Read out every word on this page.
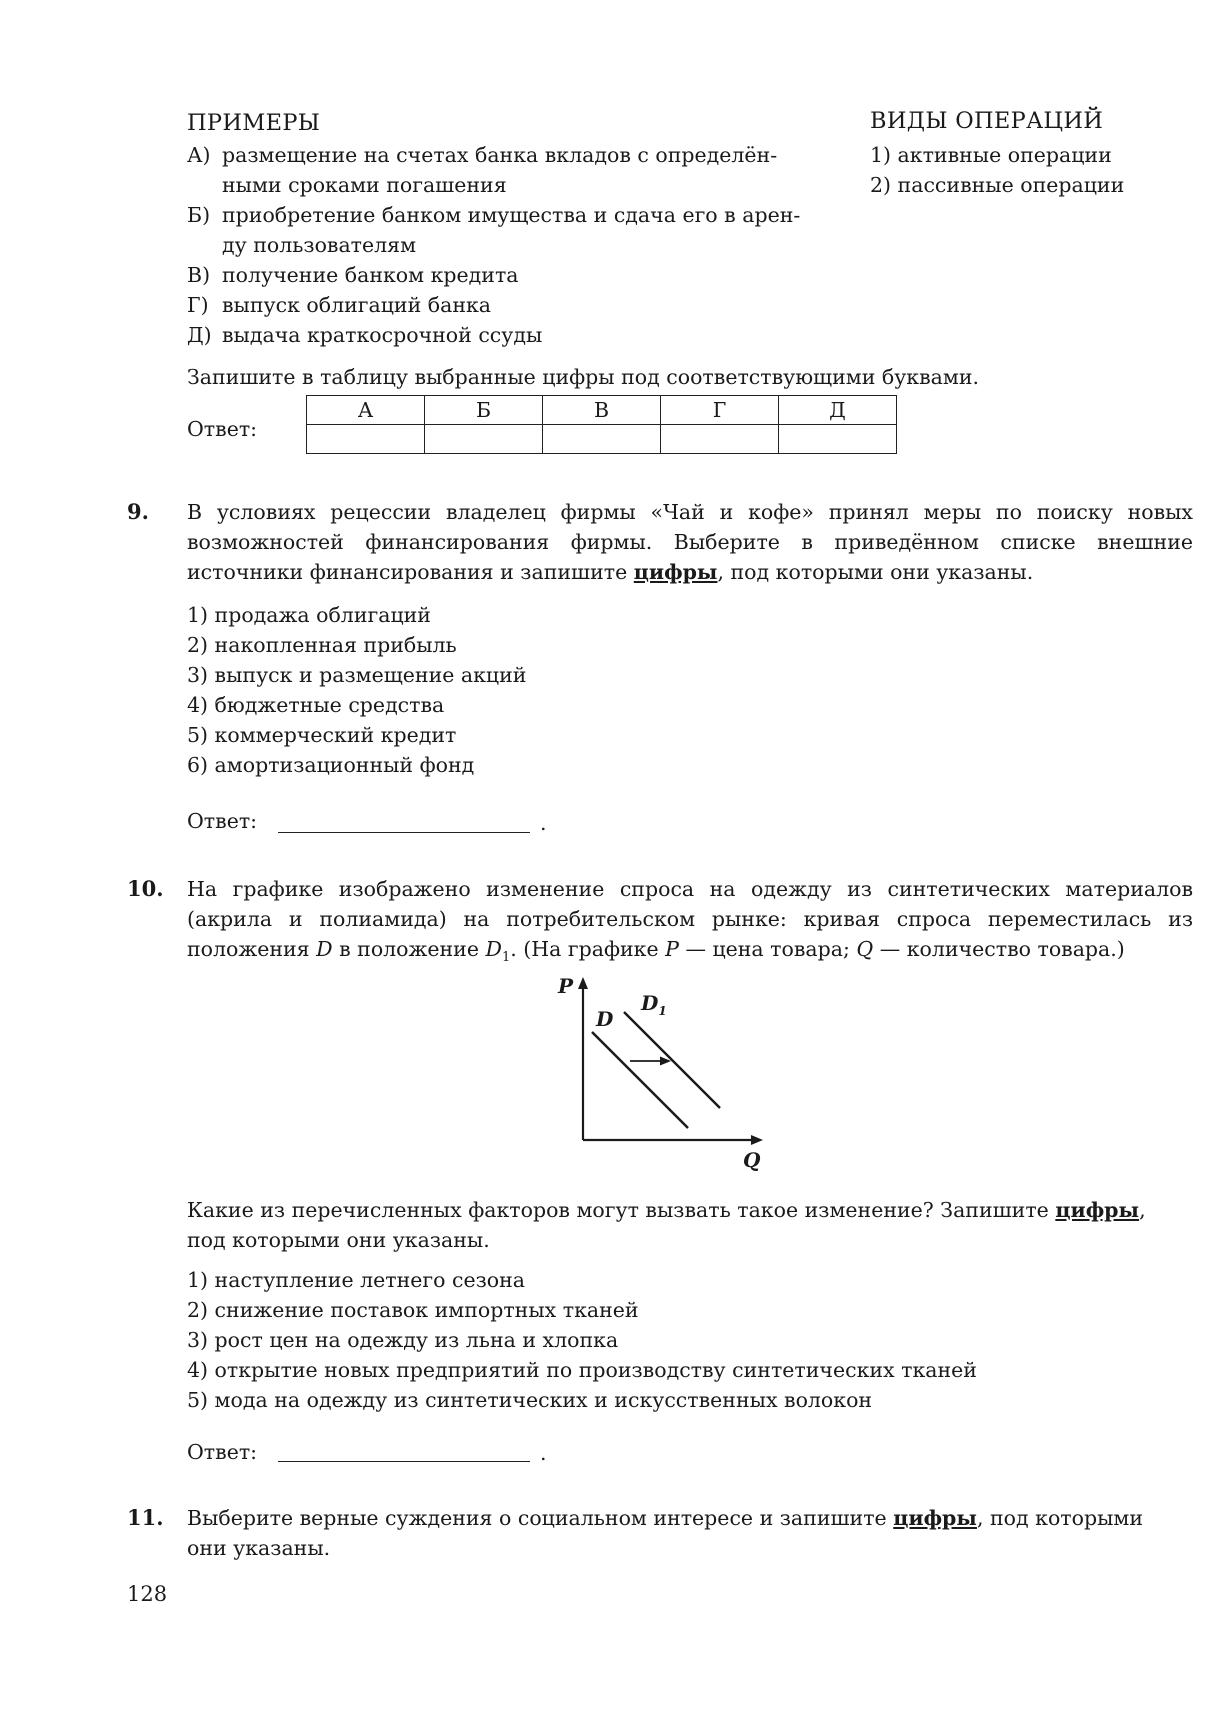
ПРИМЕРЫ	ВИДЫ ОПЕРАЦИЙ
А) размещение на счетах банка вкладов с определён-
ными сроками погашения
Б) приобретение банком имущества и сдача его в арен-
ду пользователям
В) получение банком кредита
Г) выпуск облигаций банка
Д) выдача краткосрочной ссуды
1) активные операции
2) пассивные операции
Запишите в таблицу выбранные цифры под соответствующими буквами.
Ответ:
А	Б	В	Г	Д

9. В условиях рецессии владелец фирмы «Чай и кофе» принял меры по поиску новых возможностей финансирования фирмы. Выберите в приведённом списке внешние источники финансирования и запишите цифры, под которыми они указаны.
1) продажа облигаций
2) накопленная прибыль
3) выпуск и размещение акций
4) бюджетные средства
5) коммерческий кредит
6) амортизационный фонд
Ответ:	.
10. На графике изображено изменение спроса на одежду из синтетических материалов (акрила и полиамида) на потребительском рынке: кривая спроса переместилась из положения D в положение $D_1$. (На графике P — цена товара; Q — количество товара.)
P
D
$D_1$
Q
Какие из перечисленных факторов могут вызвать такое изменение? Запишите цифры,
под которыми они указаны.
1) наступление летнего сезона
2) снижение поставок импортных тканей
3) рост цен на одежду из льна и хлопка
4) открытие новых предприятий по производству синтетических тканей
5) мода на одежду из синтетических и искусственных волокон
Ответ:	.
11. Выберите верные суждения о социальном интересе и запишите цифры, под которыми
они указаны.
128
